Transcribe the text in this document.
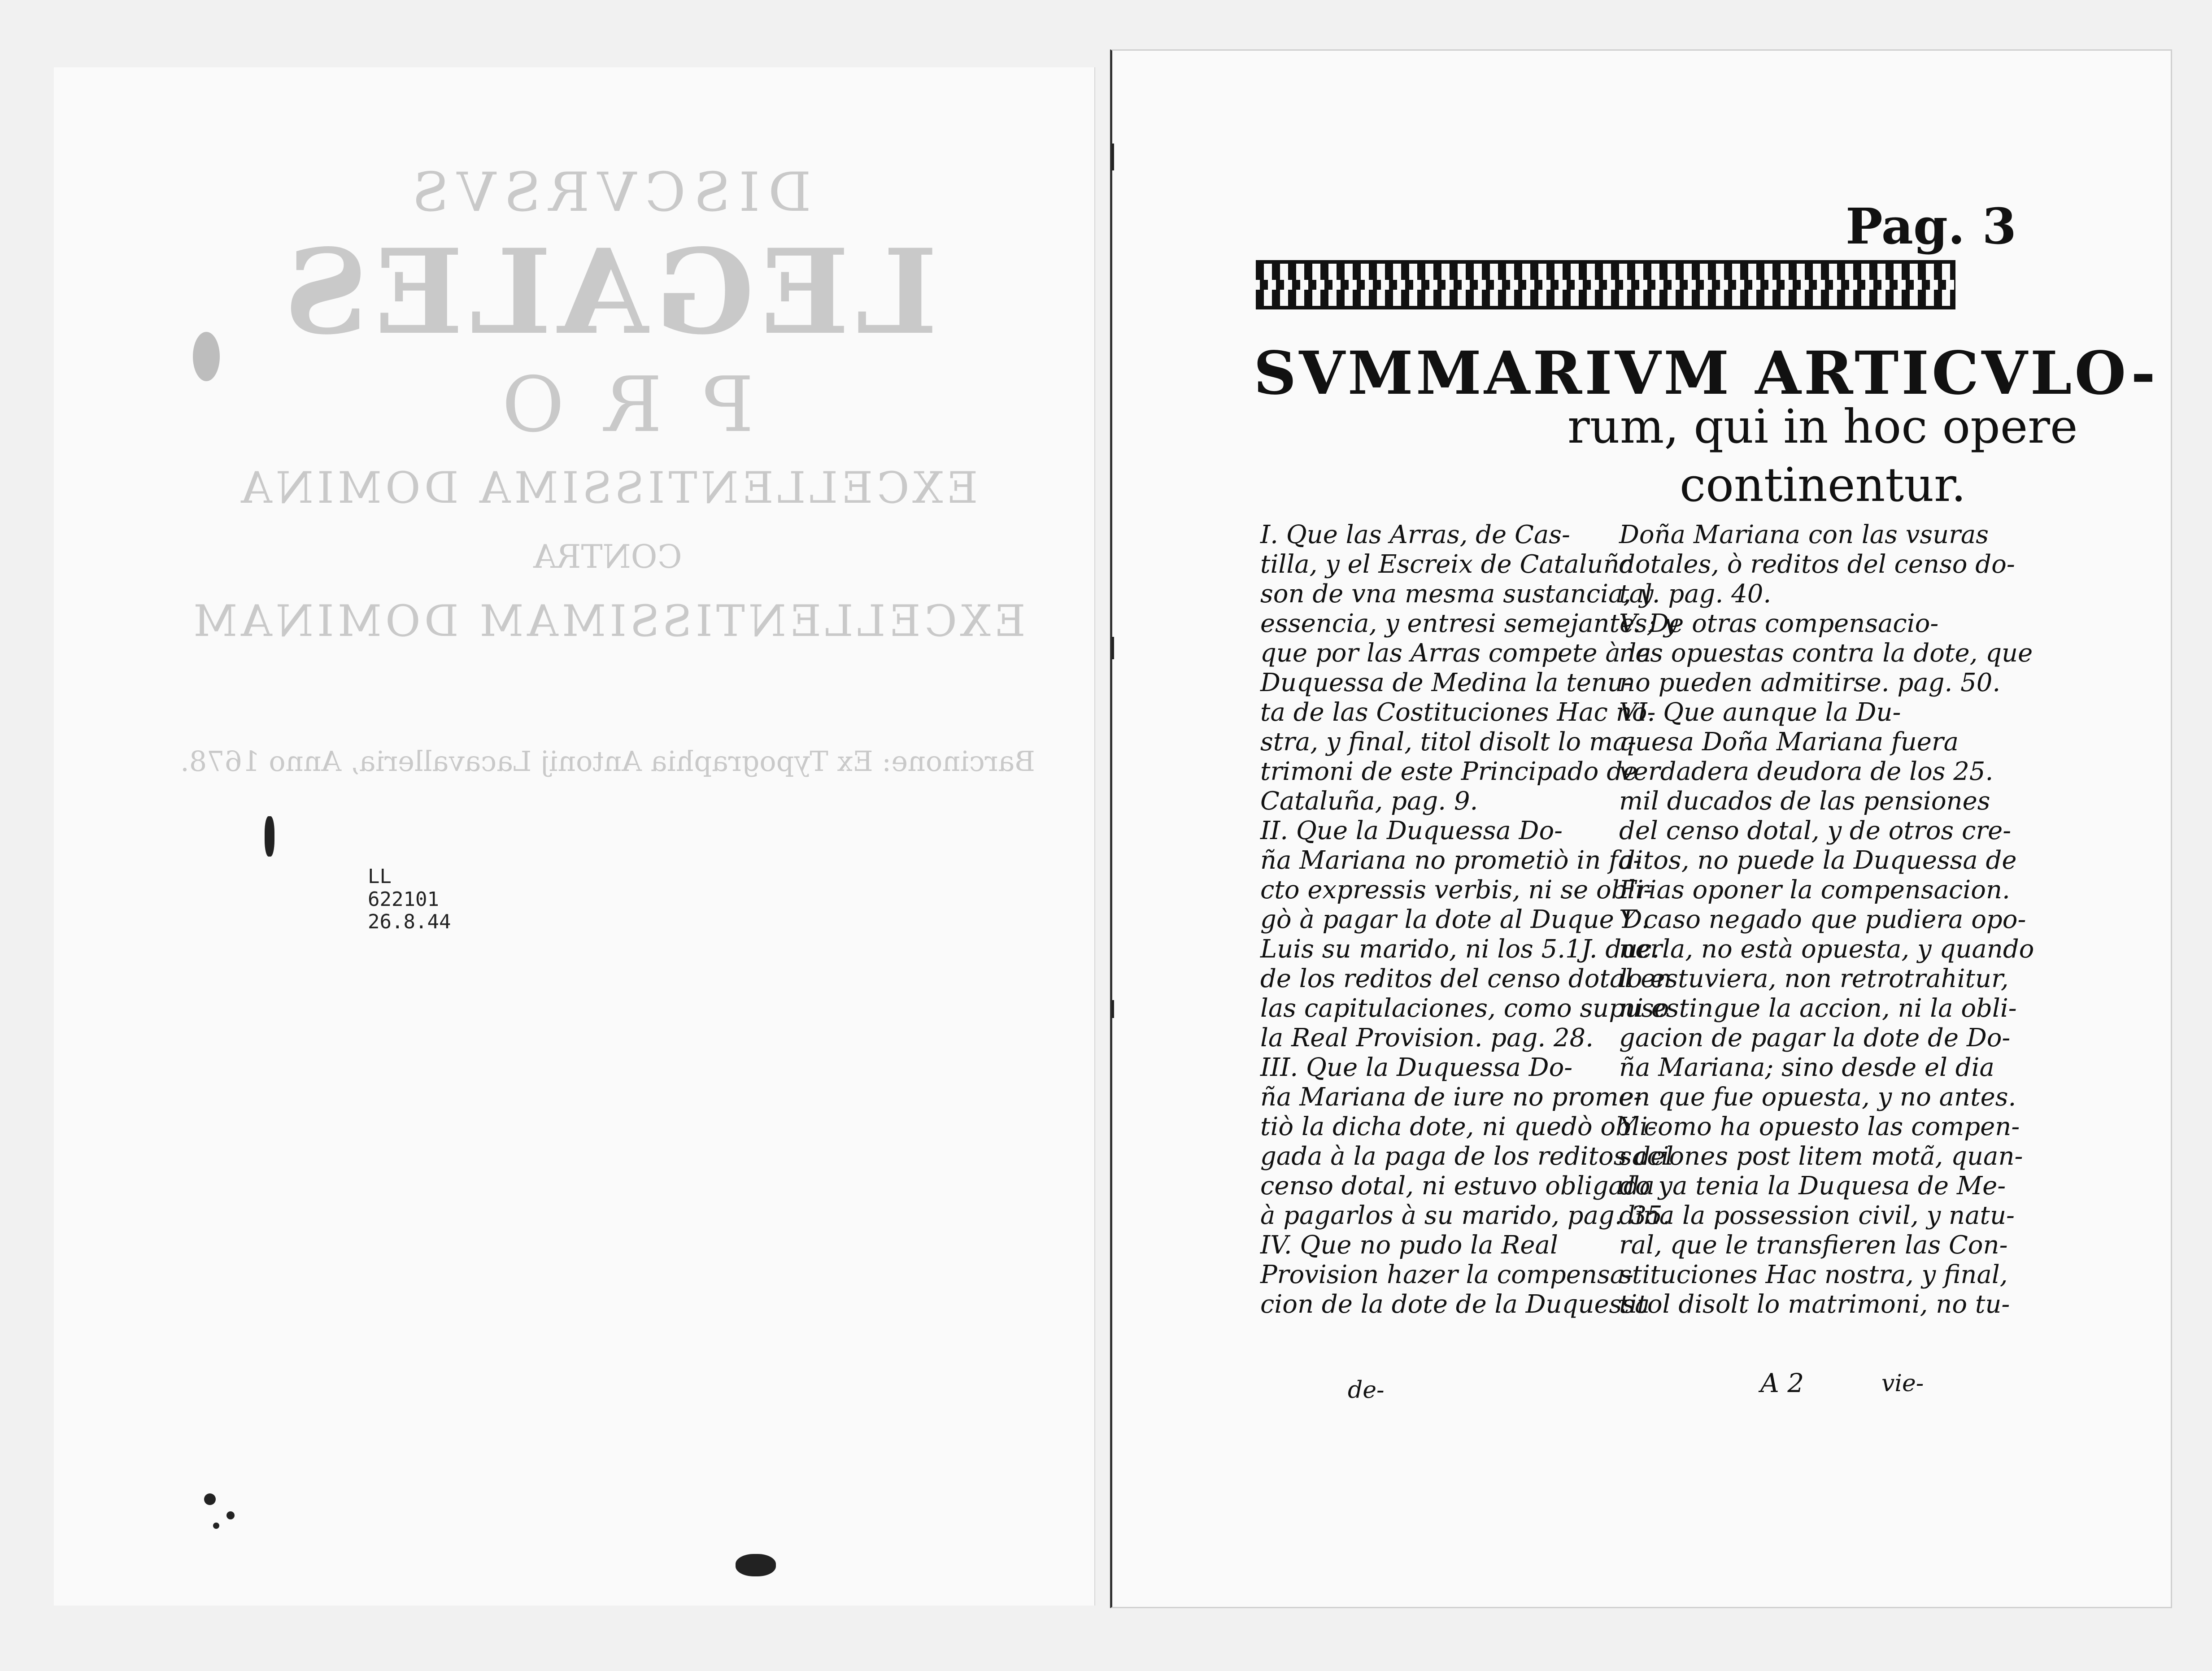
DISCVRSVS
LEGALES
PRO
EXCELLENTISSIMA DOMINA
CONTRA
EXCELLENTISSIMAM DOMINAM
Barcinone: Ex Typographia Antonij Lacavalleria, Anno 1678.
LL
622101
26.8.44
Pag. 3
SVMMARIVM ARTICVLO-
rum, qui in hoc opere
continentur.
I. Que las Arras, de Cas-
tilla, y el Escreix de Cataluña
son de vna mesma sustancia, y
essencia, y entresi semejantes; y
que por las Arras compete à la
Duquessa de Medina la tenu-
ta de las Costituciones Hac no-
stra, y final, titol disolt lo ma-
trimoni de este Principado de
Cataluña, pag. 9.
II. Que la Duquessa Do-
ña Mariana no prometiò in fa-
cto expressis verbis, ni se obli-
gò à pagar la dote al Duque D.
Luis su marido, ni los 5.1J. duc.
de los reditos del censo dotal en
las capitulaciones, como supuso
la Real Provision. pag. 28.
III. Que la Duquessa Do-
ña Mariana de iure no prome-
tiò la dicha dote, ni quedò obli-
gada à la paga de los reditos del
censo dotal, ni estuvo obligada
à pagarlos à su marido, pag. 35.
IV. Que no pudo la Real
Provision hazer la compensa-
cion de la dote de la Duquessa
Doña Mariana con las vsuras
dotales, ò reditos del censo do-
tal. pag. 40.
V. De otras compensacio-
nes opuestas contra la dote, que
no pueden admitirse. pag. 50.
VI. Que aunque la Du-
quesa Doña Mariana fuera
verdadera deudora de los 25.
mil ducados de las pensiones
del censo dotal, y de otros cre-
ditos, no puede la Duquessa de
Frias oponer la compensacion.
Y caso negado que pudiera opo-
nerla, no està opuesta, y quando
lo estuviera, non retrotrahitur,
ni estingue la accion, ni la obli-
gacion de pagar la dote de Do-
ña Mariana; sino desde el dia
en que fue opuesta, y no antes.
Y como ha opuesto las compen-
saciones post litem motã, quan-
do ya tenia la Duquesa de Me-
dina la possession civil, y natu-
ral, que le transfieren las Con-
stituciones Hac nostra, y final,
titol disolt lo matrimoni, no tu-
de-	A 2	vie-
